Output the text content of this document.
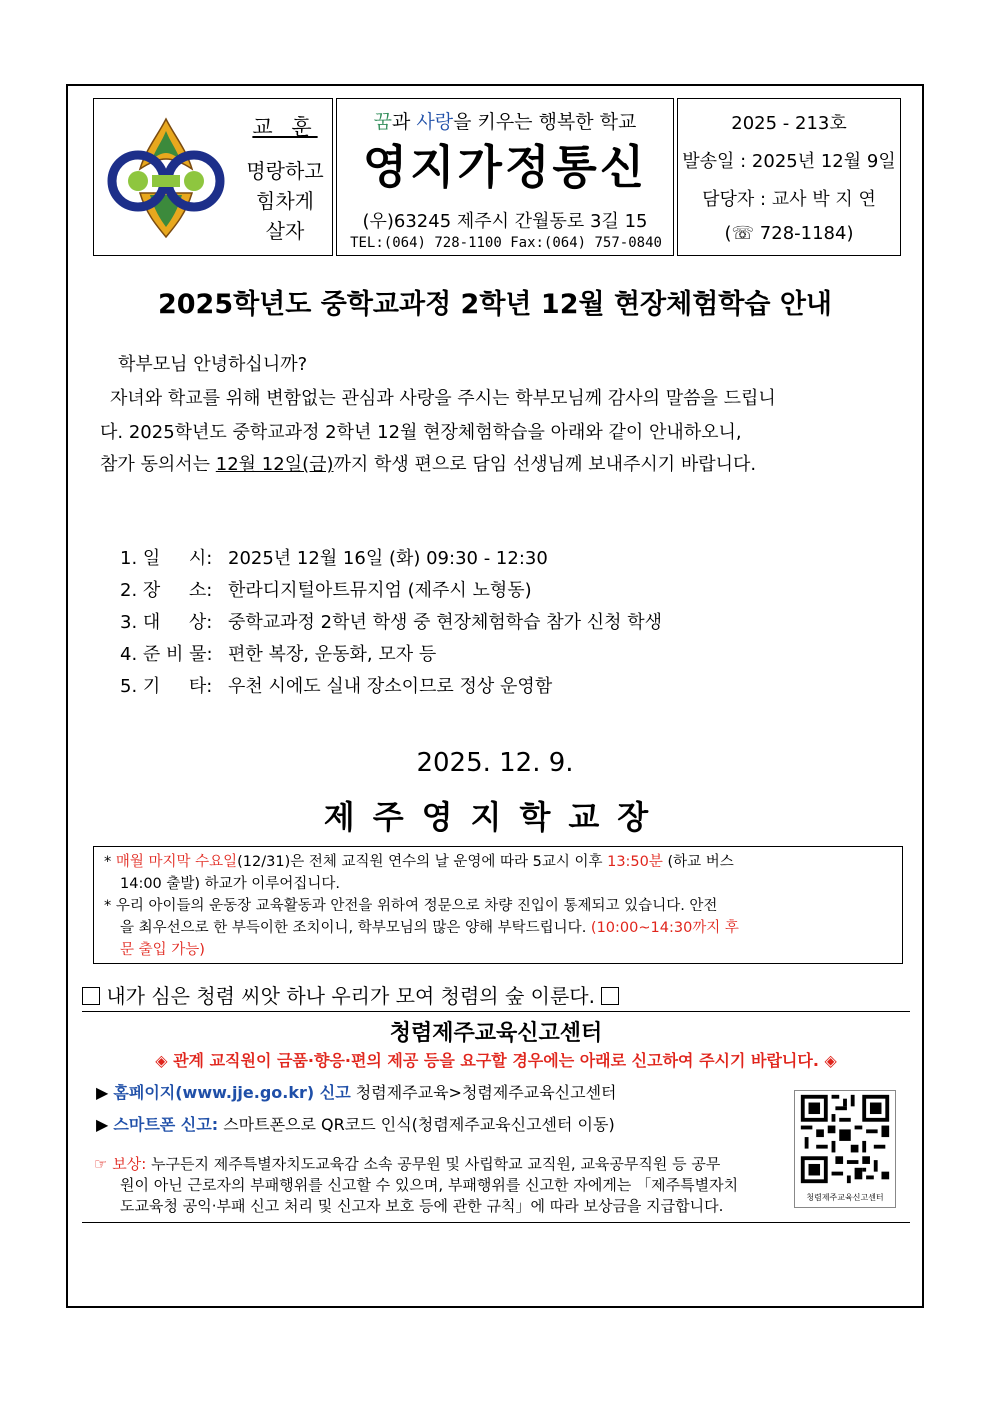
교 훈
명랑하고
힘차게
살자
꿈과 사랑을 키우는 행복한 학교
영지가정통신
(우)63245 제주시 간월동로 3길 15
TEL:(064) 728-1100 Fax:(064) 757-0840
2025 - 213호
발송일 : 2025년 12월 9일
담당자 : 교사 박 지 연
(☏ 728-1184)
2025학년도 중학교과정 2학년 12월 현장체험학습 안내
학부모님 안녕하십니까?
자녀와 학교를 위해 변함없는 관심과 사랑을 주시는 학부모님께 감사의 말씀을 드립니
다. 2025학년도 중학교과정 2학년 12월 현장체험학습을 아래와 같이 안내하오니,
참가 동의서는 12월 12일(금)까지 학생 편으로 담임 선생님께 보내주시기 바랍니다.
1. 일     시: 2025년 12월 16일 (화) 09:30 - 12:30
2. 장     소: 한라디지털아트뮤지엄 (제주시 노형동)
3. 대     상: 중학교과정 2학년 학생 중 현장체험학습 참가 신청 학생
4. 준 비 물: 편한 복장, 운동화, 모자 등
5. 기     타: 우천 시에도 실내 장소이므로 정상 운영함
2025. 12. 9.
제주영지학교장
* 매월 마지막 수요일(12/31)은 전체 교직원 연수의 날 운영에 따라 5교시 이후 13:50분 (하교 버스
14:00 출발) 하교가 이루어집니다.
* 우리 아이들의 운동장 교육활동과 안전을 위하여 정문으로 차량 진입이 통제되고 있습니다. 안전
을 최우선으로 한 부득이한 조치이니, 학부모님의 많은 양해 부탁드립니다. (10:00~14:30까지 후
문 출입 가능)
내가 심은 청렴 씨앗 하나 우리가 모여 청렴의 숲 이룬다.
청렴제주교육신고센터
◈ 관계 교직원이 금품·향응·편의 제공 등을 요구할 경우에는 아래로 신고하여 주시기 바랍니다. ◈
▶ 홈페이지(www.jje.go.kr) 신고 청렴제주교육>청렴제주교육신고센터
▶ 스마트폰 신고: 스마트폰으로 QR코드 인식(청렴제주교육신고센터 이동)
☞ 보상: 누구든지 제주특별자치도교육감 소속 공무원 및 사립학교 교직원, 교육공무직원 등 공무
원이 아닌 근로자의 부패행위를 신고할 수 있으며, 부패행위를 신고한 자에게는 「제주특별자치
도교육청 공익·부패 신고 처리 및 신고자 보호 등에 관한 규칙」에 따라 보상금을 지급합니다.	청렴제주교육신고센터
